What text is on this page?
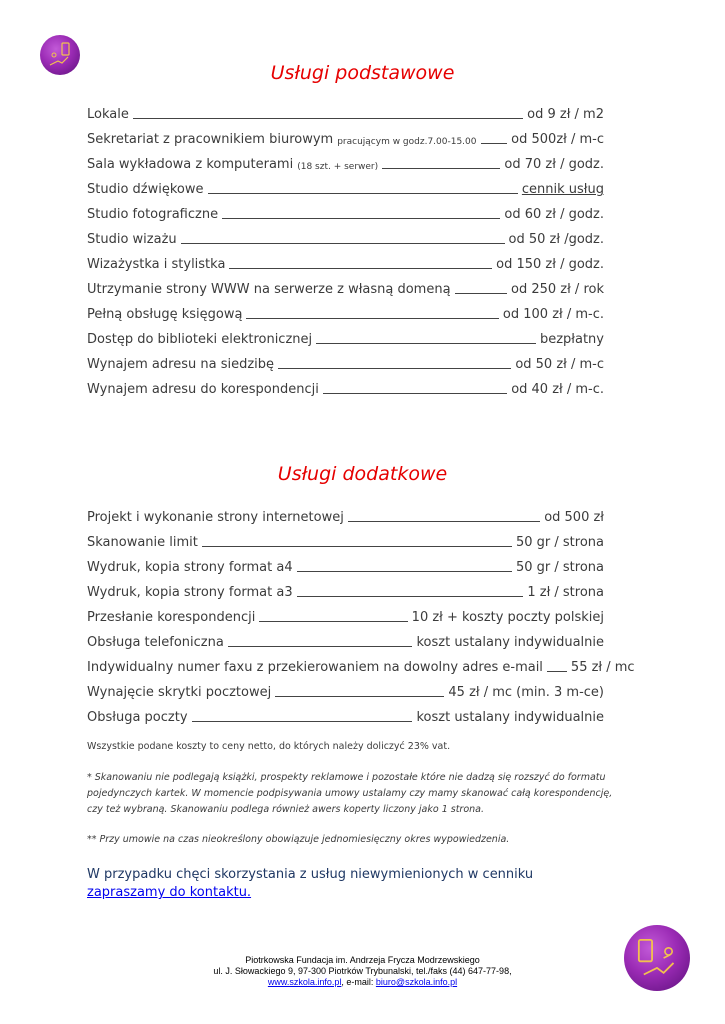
Usługi podstawowe
Lokale	od 9 zł / m2
Sekretariat z pracownikiem biurowym pracującym w godz.7.00-15.00	od 500zł / m-c
Sala wykładowa z komputerami (18 szt. + serwer)	od 70 zł / godz.
Studio dźwiękowe	cennik usług
Studio fotograficzne	od 60 zł / godz.
Studio wizażu	od 50 zł /godz.
Wizażystka i stylistka	od 150 zł / godz.
Utrzymanie strony WWW na serwerze z własną domeną	od 250 zł / rok
Pełną obsługę księgową	od 100 zł / m-c.
Dostęp do biblioteki elektronicznej	bezpłatny
Wynajem adresu na siedzibę	od 50 zł / m-c
Wynajem adresu do korespondencji	od 40 zł / m-c.
Usługi dodatkowe
Projekt i wykonanie strony internetowej	od 500 zł
Skanowanie limit	50 gr / strona
Wydruk, kopia strony format a4	50 gr / strona
Wydruk, kopia strony format a3	1 zł / strona
Przesłanie korespondencji	10 zł + koszty poczty polskiej
Obsługa telefoniczna	koszt ustalany indywidualnie
Indywidualny numer faxu z przekierowaniem na dowolny adres e-mail 55 zł / mc
Wynajęcie skrytki pocztowej	45 zł / mc (min. 3 m-ce)
Obsługa poczty	koszt ustalany indywidualnie
Wszystkie podane koszty to ceny netto, do których należy doliczyć 23% vat.
* Skanowaniu nie podlegają książki, prospekty reklamowe i pozostałe które nie dadzą się rozszyć do formatu pojedynczych kartek. W momencie podpisywania umowy ustalamy czy mamy skanować całą korespondencję, czy też wybraną. Skanowaniu podlega również awers koperty liczony jako 1 strona.
** Przy umowie na czas nieokreślony obowiązuje jednomiesięczny okres wypowiedzenia.
W przypadku chęci skorzystania z usług niewymienionych w cenniku zapraszamy do kontaktu.
Piotrkowska Fundacja im. Andrzeja Frycza Modrzewskiego
ul. J. Słowackiego 9, 97-300 Piotrków Trybunalski, tel./faks (44) 647-77-98,
www.szkola.info.pl, e-mail: biuro@szkola.info.pl
